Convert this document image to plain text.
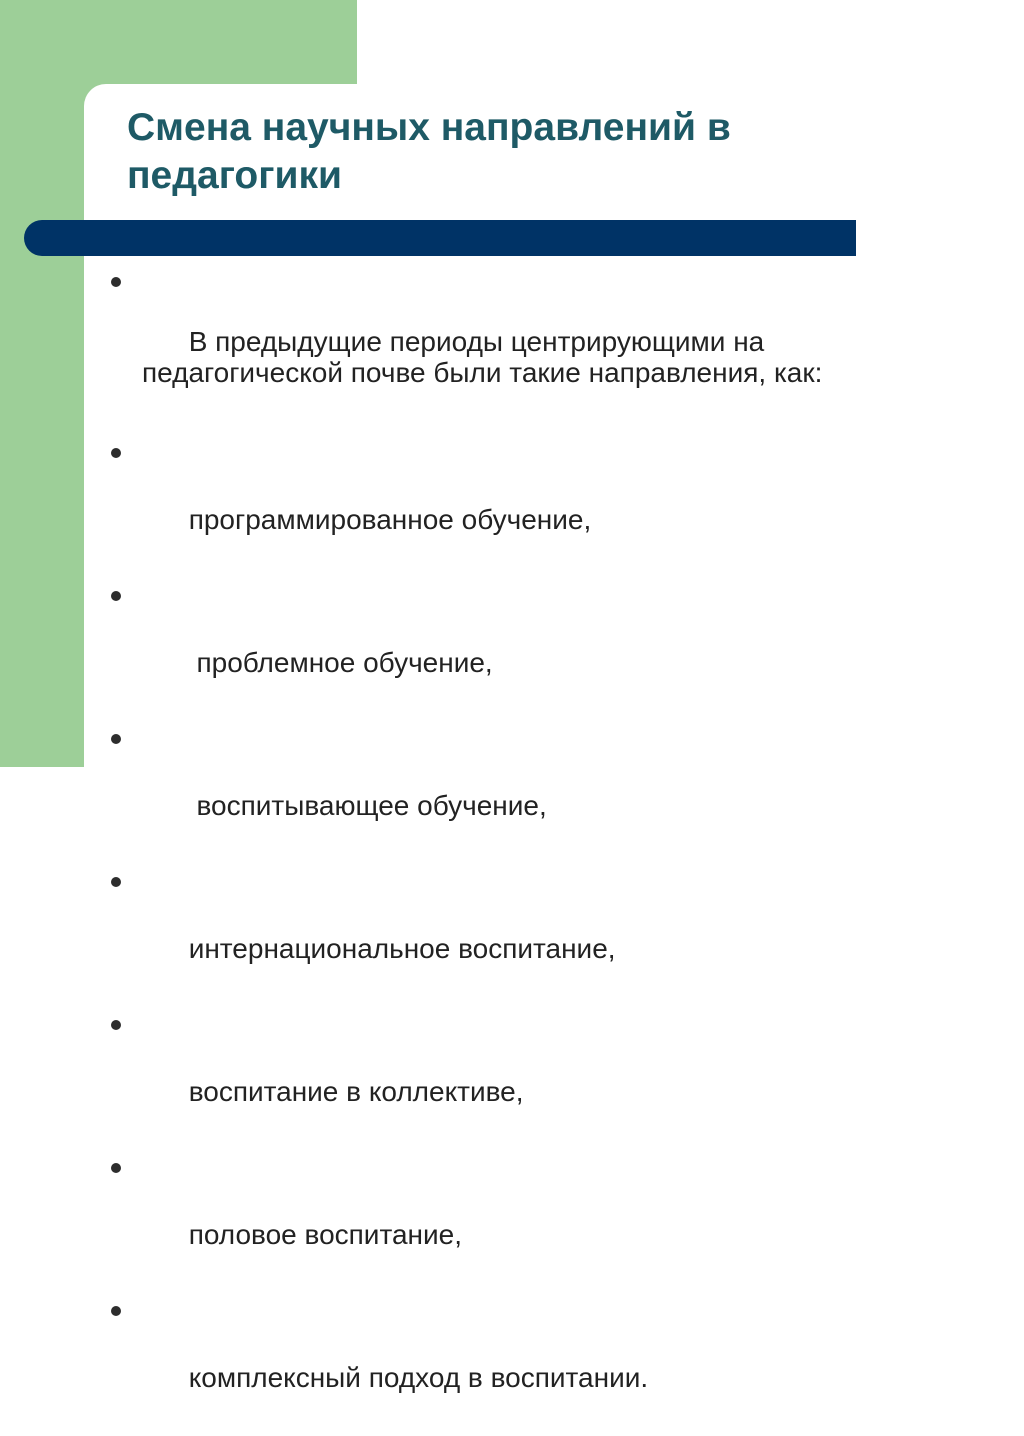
Смена научных направлений в педагогики

В предыдущие периоды центрирующими на педагогической почве были такие направления, как:

программированное обучение,

проблемное обучение,

воспитывающее обучение,

интернациональное воспитание,

воспитание в коллективе,

половое воспитание,

комплексный подход в воспитании.
